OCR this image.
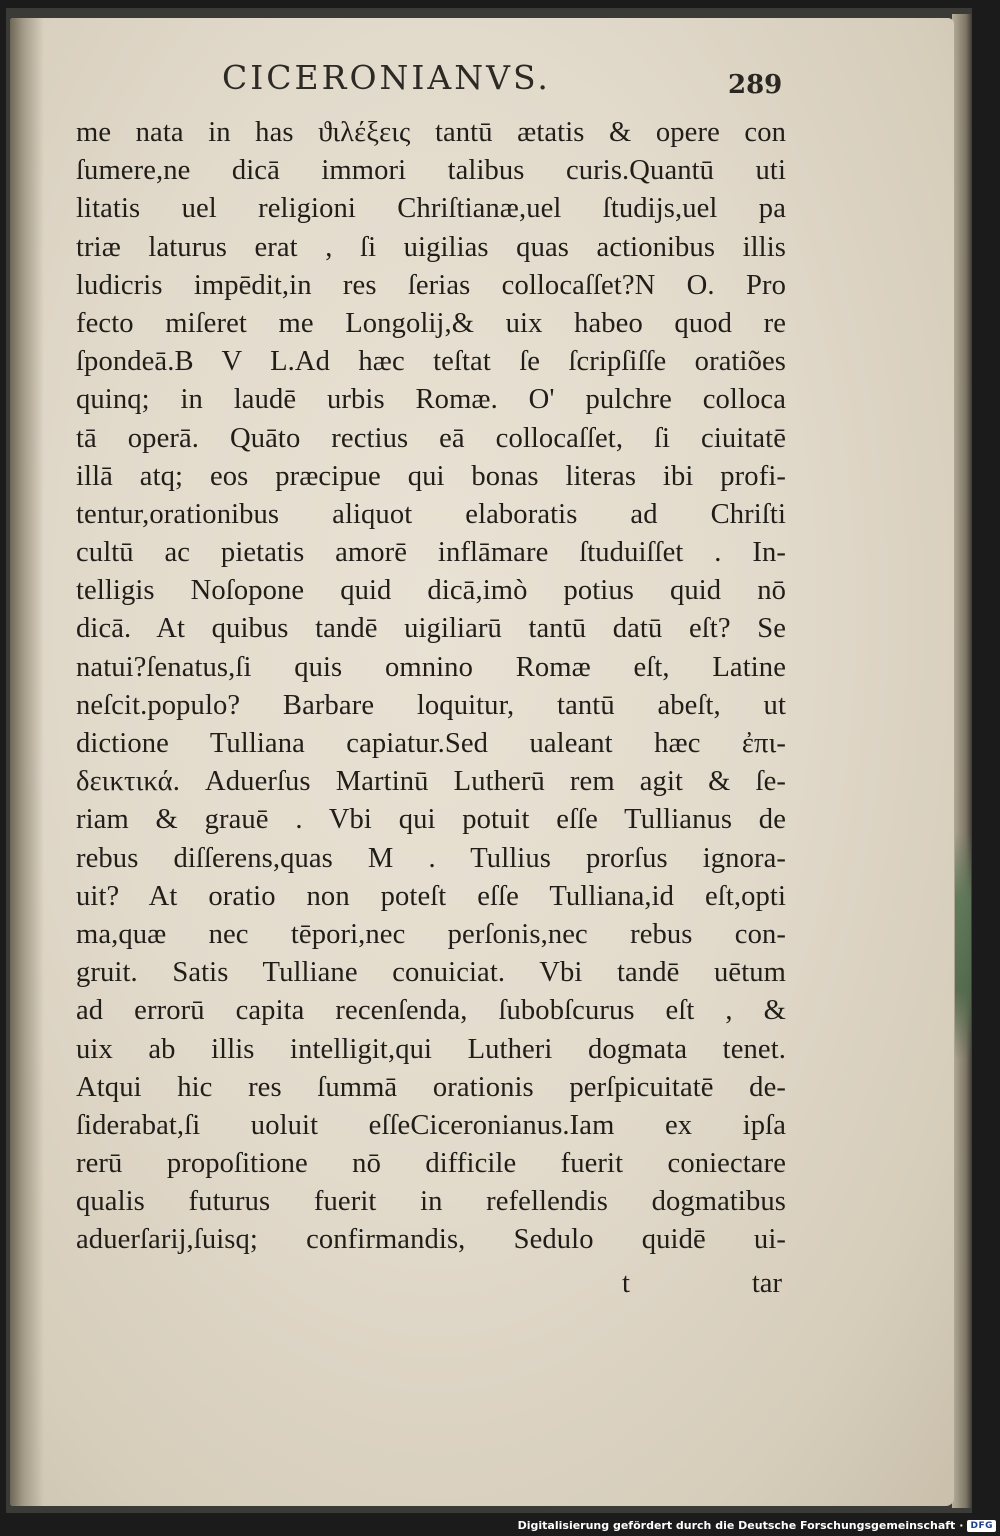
CICERONIANVS.	289
me nata in has ϑιλέξεις tantū ætatis & opere con
ſumere,ne dicā immori talibus curis.Quantū uti
litatis uel religioni Chriſtianæ,uel ſtudijs,uel pa
triæ laturus erat , ſi uigilias quas actionibus illis
ludicris impēdit,in res ſerias collocaſſet?N O. Pro
fecto miſeret me Longolij,& uix habeo quod re
ſpondeā.B V L.Ad hæc teſtat ſe ſcripſiſſe oratiões
quinq; in laudē urbis Romæ. O' pulchre colloca
tā operā. Quāto rectius eā collocaſſet, ſi ciuitatē
illā atq; eos præcipue qui bonas literas ibi profi-
tentur,orationibus aliquot elaboratis ad Chriſti
cultū ac pietatis amorē inflāmare ſtuduiſſet . In-
telligis Noſopone quid dicā,imò potius quid nō
dicā. At quibus tandē uigiliarū tantū datū eſt? Se
natui?ſenatus,ſi quis omnino Romæ eſt, Latine
neſcit.populo? Barbare loquitur, tantū abeſt, ut
dictione Tulliana capiatur.Sed ualeant hæc ἐπι-
δεικτικά. Aduerſus Martinū Lutherū rem agit & ſe-
riam & grauē . Vbi qui potuit eſſe Tullianus de
rebus diſſerens,quas M . Tullius prorſus ignora-
uit? At oratio non poteſt eſſe Tulliana,id eſt,opti
ma,quæ nec tēpori,nec perſonis,nec rebus con-
gruit. Satis Tulliane conuiciat. Vbi tandē uētum
ad errorū capita recenſenda, ſubobſcurus eſt , &
uix ab illis intelligit,qui Lutheri dogmata tenet.
Atqui hic res ſummā orationis perſpicuitatē de-
ſiderabat,ſi uoluit eſſeCiceronianus.Iam ex ipſa
rerū propoſitione nō difficile fuerit coniectare
qualis futurus fuerit in refellendis dogmatibus
aduerſarij,ſuisq; confirmandis, Sedulo quidē ui-
t	tar
Digitalisierung gefördert durch die Deutsche Forschungsgemeinschaft · DFG
